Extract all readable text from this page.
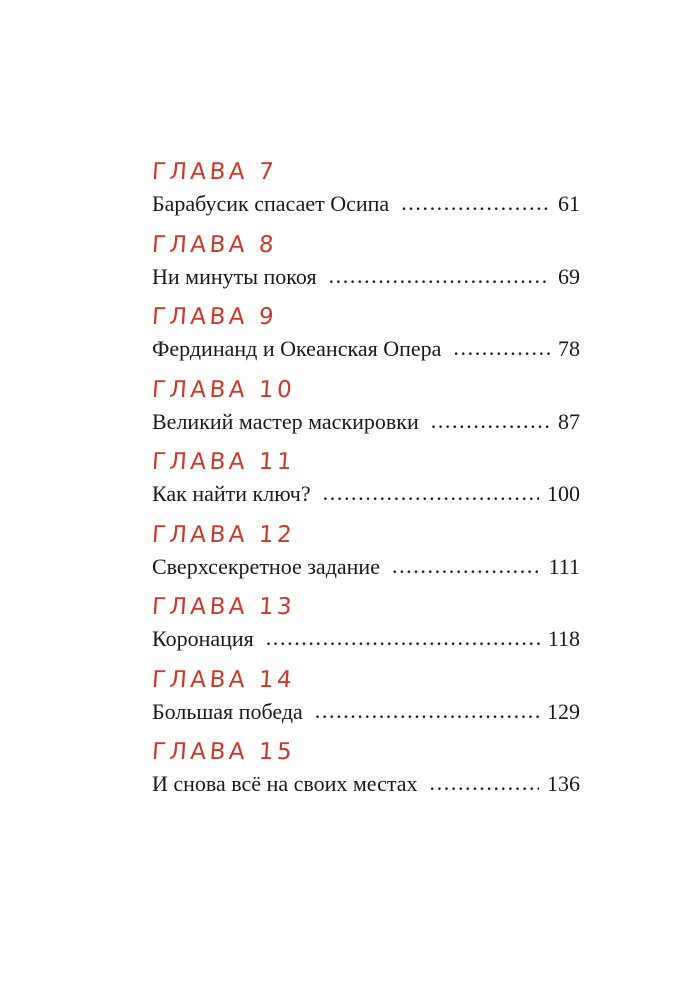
ГЛАВА 7
Барабусик спасает Осипа .....	61
ГЛАВА 8
Ни минуты покоя .....	69
ГЛАВА 9
Фердинанд и Океанская Опера .....	78
ГЛАВА 10
Великий мастер маскировки .....	87
ГЛАВА 11
Как найти ключ? .....	100
ГЛАВА 12
Сверхсекретное задание .....	111
ГЛАВА 13
Коронация .....	118
ГЛАВА 14
Большая победа .....	129
ГЛАВА 15
И снова всё на своих местах .....	136
